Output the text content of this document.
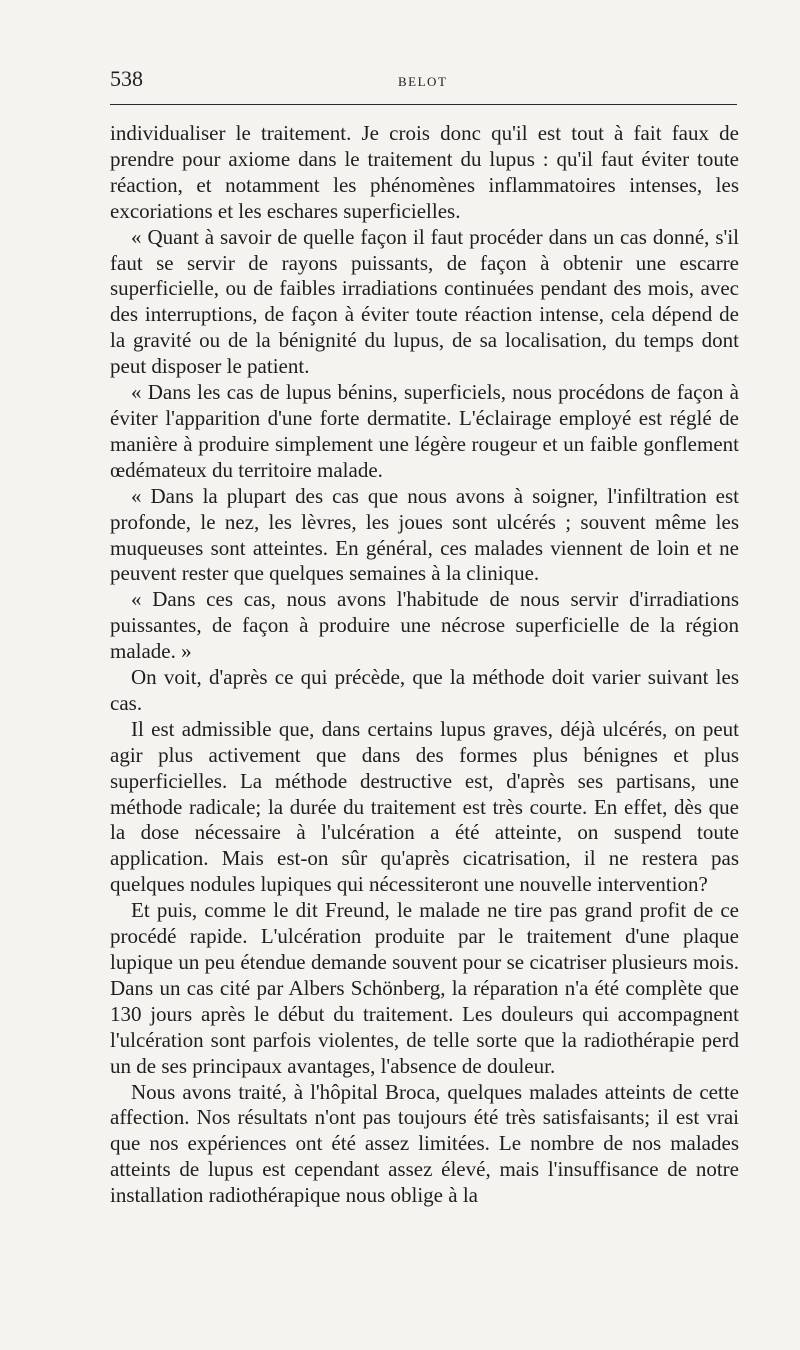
538	BELOT

individualiser le traitement. Je crois donc qu'il est tout à fait faux de prendre pour axiome dans le traitement du lupus : qu'il faut éviter toute réaction, et notamment les phénomènes inflammatoires intenses, les excoriations et les eschares superficielles.

« Quant à savoir de quelle façon il faut procéder dans un cas donné, s'il faut se servir de rayons puissants, de façon à obtenir une escarre superficielle, ou de faibles irradiations continuées pendant des mois, avec des interruptions, de façon à éviter toute réaction intense, cela dépend de la gravité ou de la bénignité du lupus, de sa localisation, du temps dont peut disposer le patient.

« Dans les cas de lupus bénins, superficiels, nous procédons de façon à éviter l'apparition d'une forte dermatite. L'éclairage employé est réglé de manière à produire simplement une légère rougeur et un faible gonflement œdémateux du territoire malade.

« Dans la plupart des cas que nous avons à soigner, l'infiltration est profonde, le nez, les lèvres, les joues sont ulcérés ; souvent même les muqueuses sont atteintes. En général, ces malades viennent de loin et ne peuvent rester que quelques semaines à la clinique.

« Dans ces cas, nous avons l'habitude de nous servir d'irradiations puissantes, de façon à produire une nécrose superficielle de la région malade. »

On voit, d'après ce qui précède, que la méthode doit varier suivant les cas.

Il est admissible que, dans certains lupus graves, déjà ulcérés, on peut agir plus activement que dans des formes plus bénignes et plus superficielles. La méthode destructive est, d'après ses partisans, une méthode radicale; la durée du traitement est très courte. En effet, dès que la dose nécessaire à l'ulcération a été atteinte, on suspend toute application. Mais est-on sûr qu'après cicatrisation, il ne restera pas quelques nodules lupiques qui nécessiteront une nouvelle intervention?

Et puis, comme le dit Freund, le malade ne tire pas grand profit de ce procédé rapide. L'ulcération produite par le traitement d'une plaque lupique un peu étendue demande souvent pour se cicatriser plusieurs mois. Dans un cas cité par Albers Schönberg, la réparation n'a été complète que 130 jours après le début du traitement. Les douleurs qui accompagnent l'ulcération sont parfois violentes, de telle sorte que la radiothérapie perd un de ses principaux avantages, l'absence de douleur.

Nous avons traité, à l'hôpital Broca, quelques malades atteints de cette affection. Nos résultats n'ont pas toujours été très satisfaisants; il est vrai que nos expériences ont été assez limitées. Le nombre de nos malades atteints de lupus est cependant assez élevé, mais l'insuffisance de notre installation radiothérapique nous oblige à la
